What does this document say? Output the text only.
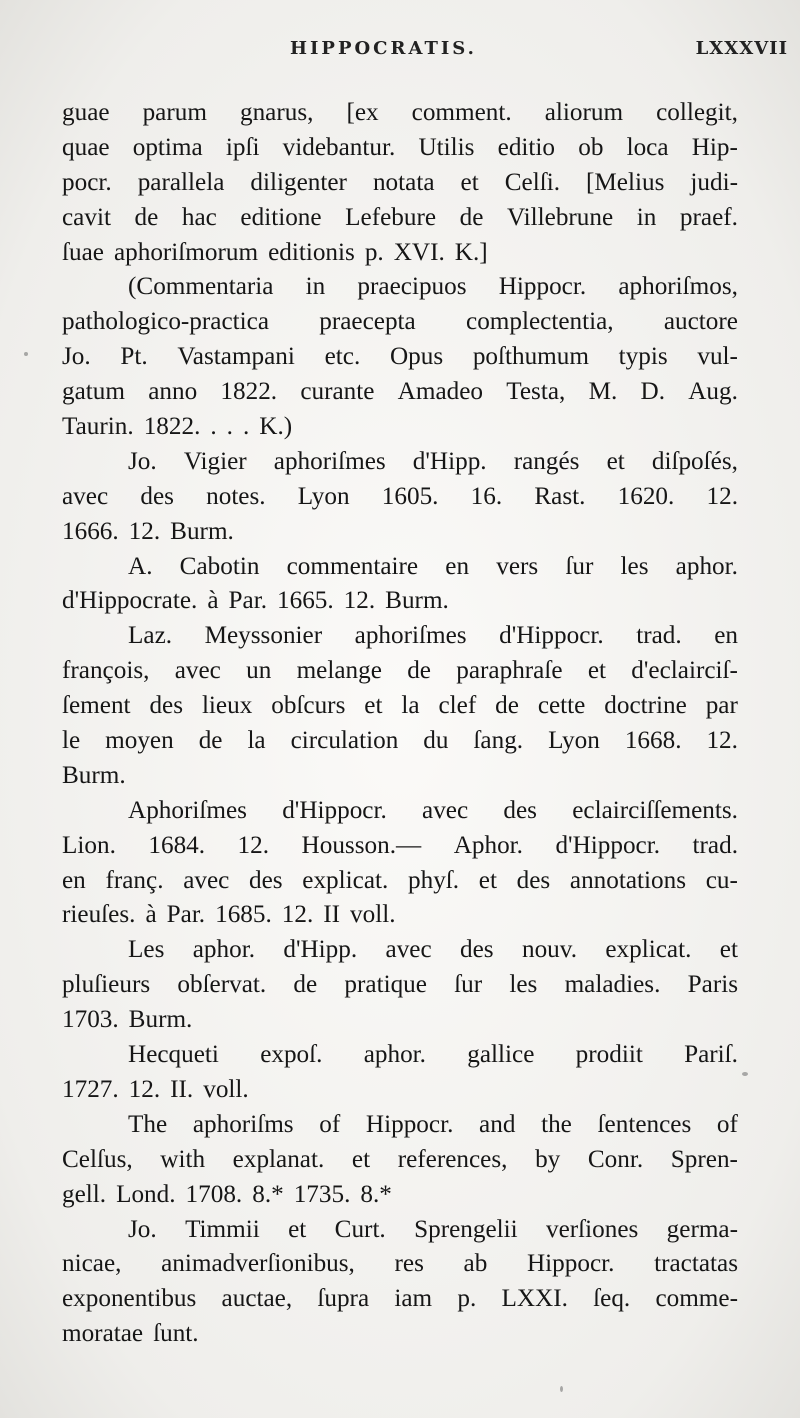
HIPPOCRATIS.	LXXXVII
guae parum gnarus, [ex comment. aliorum collegit,
quae optima ipſi videbantur. Utilis editio ob loca Hip-
pocr. parallela diligenter notata et Celſi. [Melius judi-
cavit de hac editione Lefebure de Villebrune in praef.
ſuae aphoriſmorum editionis p. XVI. K.]
(Commentaria in praecipuos Hippocr. aphoriſmos,
pathologico-practica praecepta complectentia, auctore
Jo. Pt. Vastampani etc. Opus poſthumum typis vul-
gatum anno 1822. curante Amadeo Testa, M. D. Aug.
Taurin. 1822. . . . K.)
Jo. Vigier aphoriſmes d'Hipp. rangés et diſpoſés,
avec des notes. Lyon 1605. 16. Rast. 1620. 12.
1666. 12. Burm.
A. Cabotin commentaire en vers ſur les aphor.
d'Hippocrate. à Par. 1665. 12. Burm.
Laz. Meyssonier aphoriſmes d'Hippocr. trad. en
françois, avec un melange de paraphraſe et d'eclairciſ-
ſement des lieux obſcurs et la clef de cette doctrine par
le moyen de la circulation du ſang. Lyon 1668. 12.
Burm.
Aphoriſmes d'Hippocr. avec des eclairciſſements.
Lion. 1684. 12. Housson.— Aphor. d'Hippocr. trad.
en franç. avec des explicat. phyſ. et des annotations cu-
rieuſes. à Par. 1685. 12. II voll.
Les aphor. d'Hipp. avec des nouv. explicat. et
pluſieurs obſervat. de pratique ſur les maladies. Paris
1703. Burm.
Hecqueti expoſ. aphor. gallice prodiit Pariſ.
1727. 12. II. voll.
The aphoriſms of Hippocr. and the ſentences of
Celſus, with explanat. et references, by Conr. Spren-
gell. Lond. 1708. 8.* 1735. 8.*
Jo. Timmii et Curt. Sprengelii verſiones germa-
nicae, animadverſionibus, res ab Hippocr. tractatas
exponentibus auctae, ſupra iam p. LXXI. ſeq. comme-
moratae ſunt.
